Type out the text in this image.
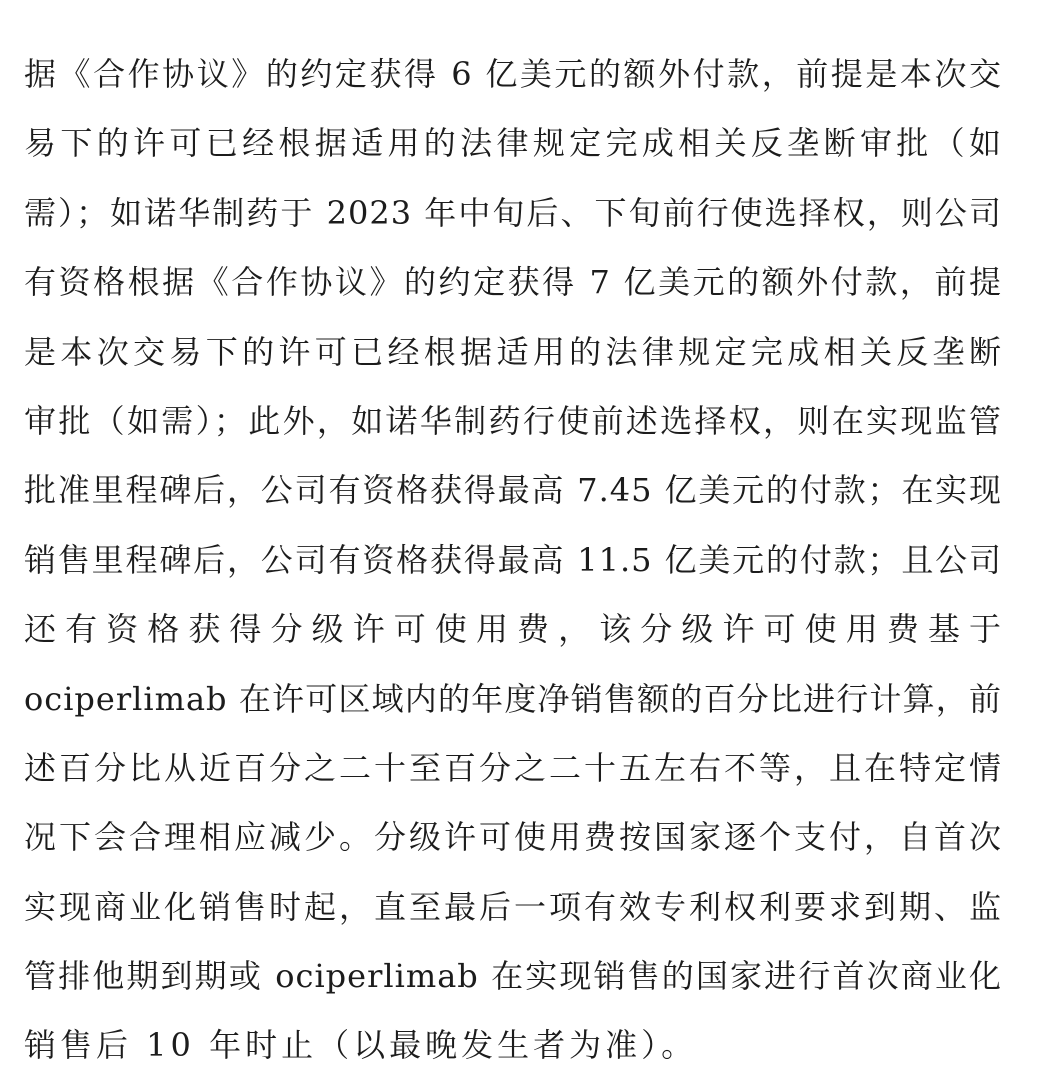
据《合作协议》的约定获得 6 亿美元的额外付款，前提是本次交
易下的许可已经根据适用的法律规定完成相关反垄断审批（如
需）；如诺华制药于 2023 年中旬后、下旬前行使选择权，则公司
有资格根据《合作协议》的约定获得 7 亿美元的额外付款，前提
是本次交易下的许可已经根据适用的法律规定完成相关反垄断
审批（如需）；此外，如诺华制药行使前述选择权，则在实现监管
批准里程碑后，公司有资格获得最高 7.45 亿美元的付款；在实现
销售里程碑后，公司有资格获得最高 11.5 亿美元的付款；且公司
还有资格获得分级许可使用费，该分级许可使用费基于
ociperlimab 在许可区域内的年度净销售额的百分比进行计算，前
述百分比从近百分之二十至百分之二十五左右不等，且在特定情
况下会合理相应减少。分级许可使用费按国家逐个支付，自首次
实现商业化销售时起，直至最后一项有效专利权利要求到期、监
管排他期到期或 ociperlimab 在实现销售的国家进行首次商业化
销售后 10 年时止（以最晚发生者为准）。
